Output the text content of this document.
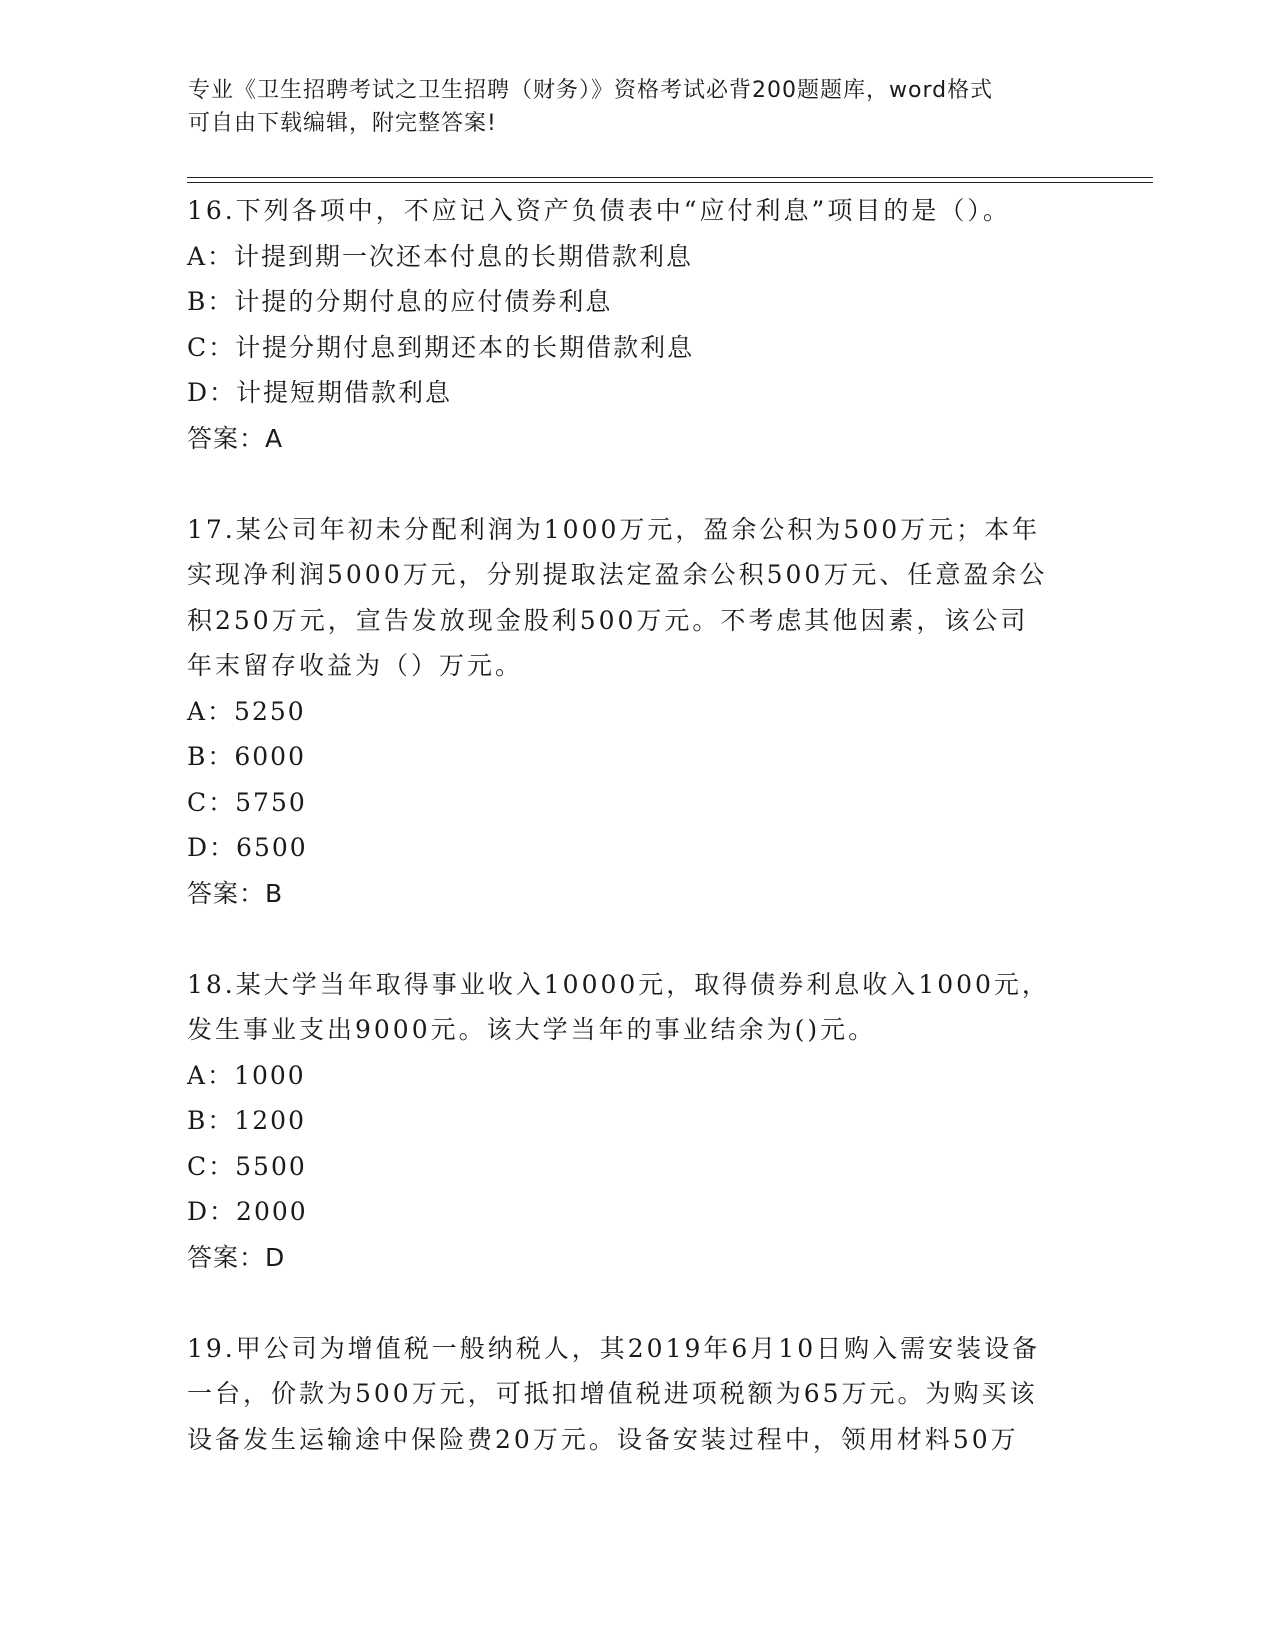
专业《卫生招聘考试之卫生招聘（财务）》资格考试必背200题题库，word格式
可自由下载编辑，附完整答案!
16.下列各项中，不应记入资产负债表中“应付利息”项目的是（）。
A：计提到期一次还本付息的长期借款利息
B：计提的分期付息的应付债券利息
C：计提分期付息到期还本的长期借款利息
D：计提短期借款利息
答案：A
17.某公司年初未分配利润为1000万元，盈余公积为500万元；本年
实现净利润5000万元，分别提取法定盈余公积500万元、任意盈余公
积250万元，宣告发放现金股利500万元。不考虑其他因素，该公司
年末留存收益为（）万元。
A：5250
B：6000
C：5750
D：6500
答案：B
18.某大学当年取得事业收入10000元，取得债券利息收入1000元，
发生事业支出9000元。该大学当年的事业结余为()元。
A：1000
B：1200
C：5500
D：2000
答案：D
19.甲公司为增值税一般纳税人，其2019年6月10日购入需安装设备
一台，价款为500万元，可抵扣增值税进项税额为65万元。为购买该
设备发生运输途中保险费20万元。设备安装过程中，领用材料50万
